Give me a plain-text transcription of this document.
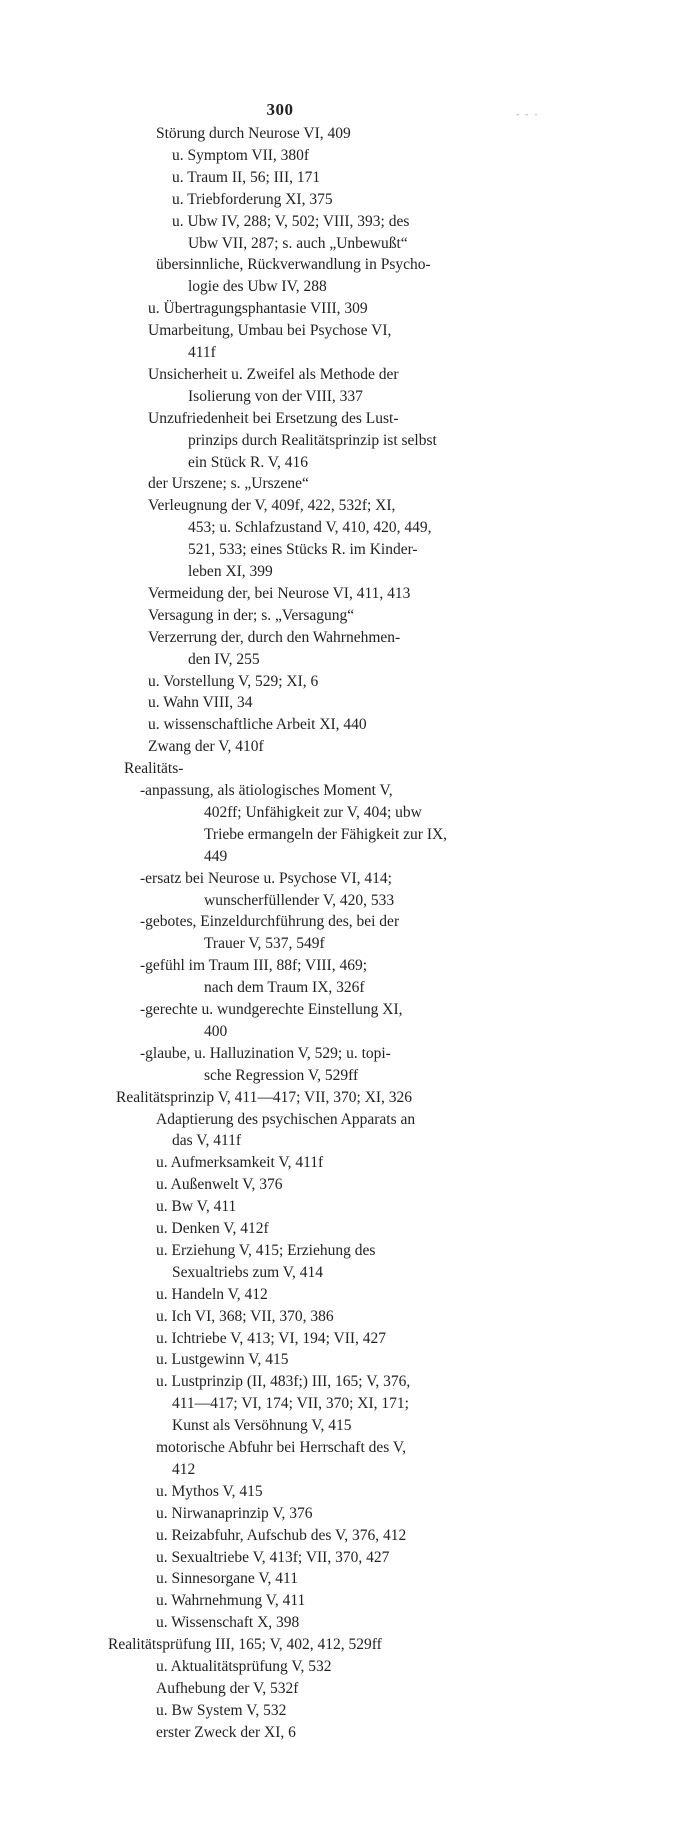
300	- - -
Störung durch Neurose VI, 409
u. Symptom VII, 380f
u. Traum II, 56; III, 171
u. Triebforderung XI, 375
u. Ubw IV, 288; V, 502; VIII, 393; des
Ubw VII, 287; s. auch „Unbewußt“
übersinnliche, Rückverwandlung in Psycho-
logie des Ubw IV, 288
u. Übertragungsphantasie VIII, 309
Umarbeitung, Umbau bei Psychose VI,
411f
Unsicherheit u. Zweifel als Methode der
Isolierung von der VIII, 337
Unzufriedenheit bei Ersetzung des Lust-
prinzips durch Realitätsprinzip ist selbst
ein Stück R. V, 416
der Urszene; s. „Urszene“
Verleugnung der V, 409f, 422, 532f; XI,
453; u. Schlafzustand V, 410, 420, 449,
521, 533; eines Stücks R. im Kinder-
leben XI, 399
Vermeidung der, bei Neurose VI, 411, 413
Versagung in der; s. „Versagung“
Verzerrung der, durch den Wahrnehmen-
den IV, 255
u. Vorstellung V, 529; XI, 6
u. Wahn VIII, 34
u. wissenschaftliche Arbeit XI, 440
Zwang der V, 410f
Realitäts-
-anpassung, als ätiologisches Moment V,
402ff; Unfähigkeit zur V, 404; ubw
Triebe ermangeln der Fähigkeit zur IX,
449
-ersatz bei Neurose u. Psychose VI, 414;
wunscherfüllender V, 420, 533
-gebotes, Einzeldurchführung des, bei der
Trauer V, 537, 549f
-gefühl im Traum III, 88f; VIII, 469;
nach dem Traum IX, 326f
-gerechte u. wundgerechte Einstellung XI,
400
-glaube, u. Halluzination V, 529; u. topi-
sche Regression V, 529ff
Realitätsprinzip V, 411—417; VII, 370; XI, 326
Adaptierung des psychischen Apparats an
das V, 411f
u. Aufmerksamkeit V, 411f
u. Außenwelt V, 376
u. Bw V, 411
u. Denken V, 412f
u. Erziehung V, 415; Erziehung des
Sexualtriebs zum V, 414
u. Handeln V, 412
u. Ich VI, 368; VII, 370, 386
u. Ichtriebe V, 413; VI, 194; VII, 427
u. Lustgewinn V, 415
u. Lustprinzip (II, 483f;) III, 165; V, 376,
411—417; VI, 174; VII, 370; XI, 171;
Kunst als Versöhnung V, 415
motorische Abfuhr bei Herrschaft des V,
412
u. Mythos V, 415
u. Nirwanaprinzip V, 376
u. Reizabfuhr, Aufschub des V, 376, 412
u. Sexualtriebe V, 413f; VII, 370, 427
u. Sinnesorgane V, 411
u. Wahrnehmung V, 411
u. Wissenschaft X, 398
Realitätsprüfung III, 165; V, 402, 412, 529ff
u. Aktualitätsprüfung V, 532
Aufhebung der V, 532f
u. Bw System V, 532
erster Zweck der XI, 6
